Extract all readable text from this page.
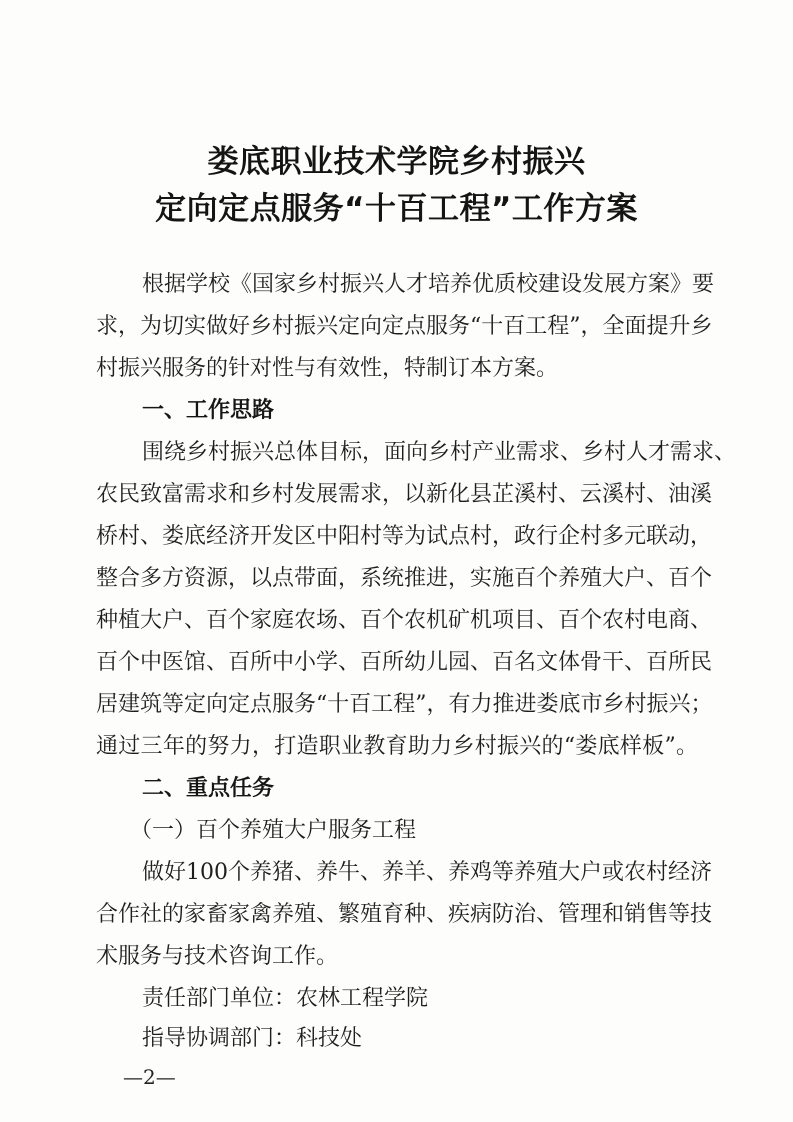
娄底职业技术学院乡村振兴
定向定点服务“十百工程”工作方案
根据学校《国家乡村振兴人才培养优质校建设发展方案》要
求，为切实做好乡村振兴定向定点服务“十百工程”，全面提升乡
村振兴服务的针对性与有效性，特制订本方案。
一、工作思路
围绕乡村振兴总体目标，面向乡村产业需求、乡村人才需求、
农民致富需求和乡村发展需求，以新化县芷溪村、云溪村、油溪
桥村、娄底经济开发区中阳村等为试点村，政行企村多元联动，
整合多方资源，以点带面，系统推进，实施百个养殖大户、百个
种植大户、百个家庭农场、百个农机矿机项目、百个农村电商、
百个中医馆、百所中小学、百所幼儿园、百名文体骨干、百所民
居建筑等定向定点服务“十百工程”，有力推进娄底市乡村振兴；
通过三年的努力，打造职业教育助力乡村振兴的“娄底样板”。
二、重点任务
（一）百个养殖大户服务工程
做好100个养猪、养牛、养羊、养鸡等养殖大户或农村经济
合作社的家畜家禽养殖、繁殖育种、疾病防治、管理和销售等技
术服务与技术咨询工作。
责任部门单位：农林工程学院
指导协调部门：科技处
—2—
